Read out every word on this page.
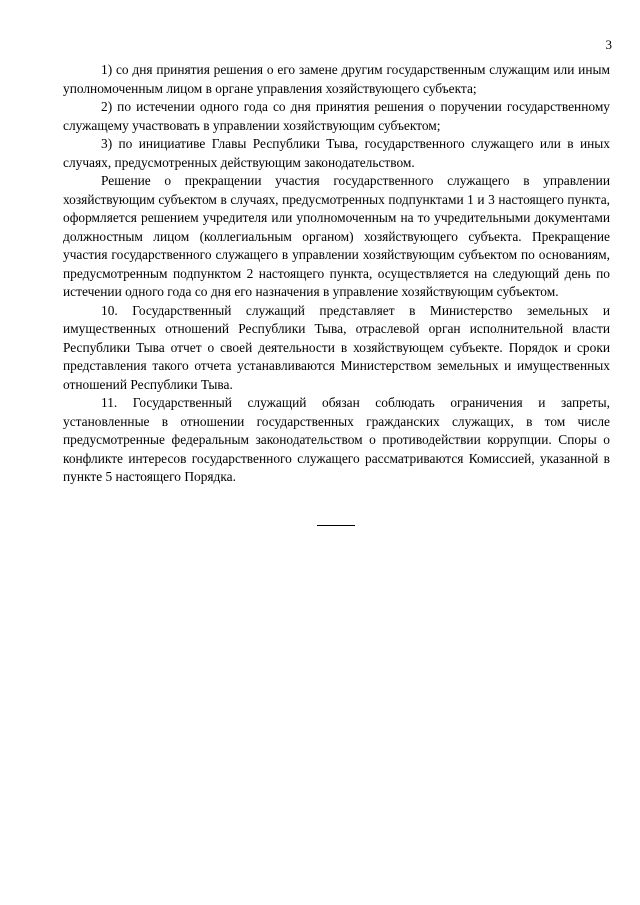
3

1) со дня принятия решения о его замене другим государственным служащим или иным уполномоченным лицом в органе управления хозяйствующего субъекта;

2) по истечении одного года со дня принятия решения о поручении государственному служащему участвовать в управлении хозяйствующим субъектом;

3) по инициативе Главы Республики Тыва, государственного служащего или в иных случаях, предусмотренных действующим законодательством.

Решение о прекращении участия государственного служащего в управлении хозяйствующим субъектом в случаях, предусмотренных подпунктами 1 и 3 настоящего пункта, оформляется решением учредителя или уполномоченным на то учредительными документами должностным лицом (коллегиальным органом) хозяйствующего субъекта. Прекращение участия государственного служащего в управлении хозяйствующим субъектом по основаниям, предусмотренным подпунктом 2 настоящего пункта, осуществляется на следующий день по истечении одного года со дня его назначения в управление хозяйствующим субъектом.

10. Государственный служащий представляет в Министерство земельных и имущественных отношений Республики Тыва, отраслевой орган исполнительной власти Республики Тыва отчет о своей деятельности в хозяйствующем субъекте. Порядок и сроки представления такого отчета устанавливаются Министерством земельных и имущественных отношений Республики Тыва.

11. Государственный служащий обязан соблюдать ограничения и запреты, установленные в отношении государственных гражданских служащих, в том числе предусмотренные федеральным законодательством о противодействии коррупции. Споры о конфликте интересов государственного служащего рассматриваются Комиссией, указанной в пункте 5 настоящего Порядка.
